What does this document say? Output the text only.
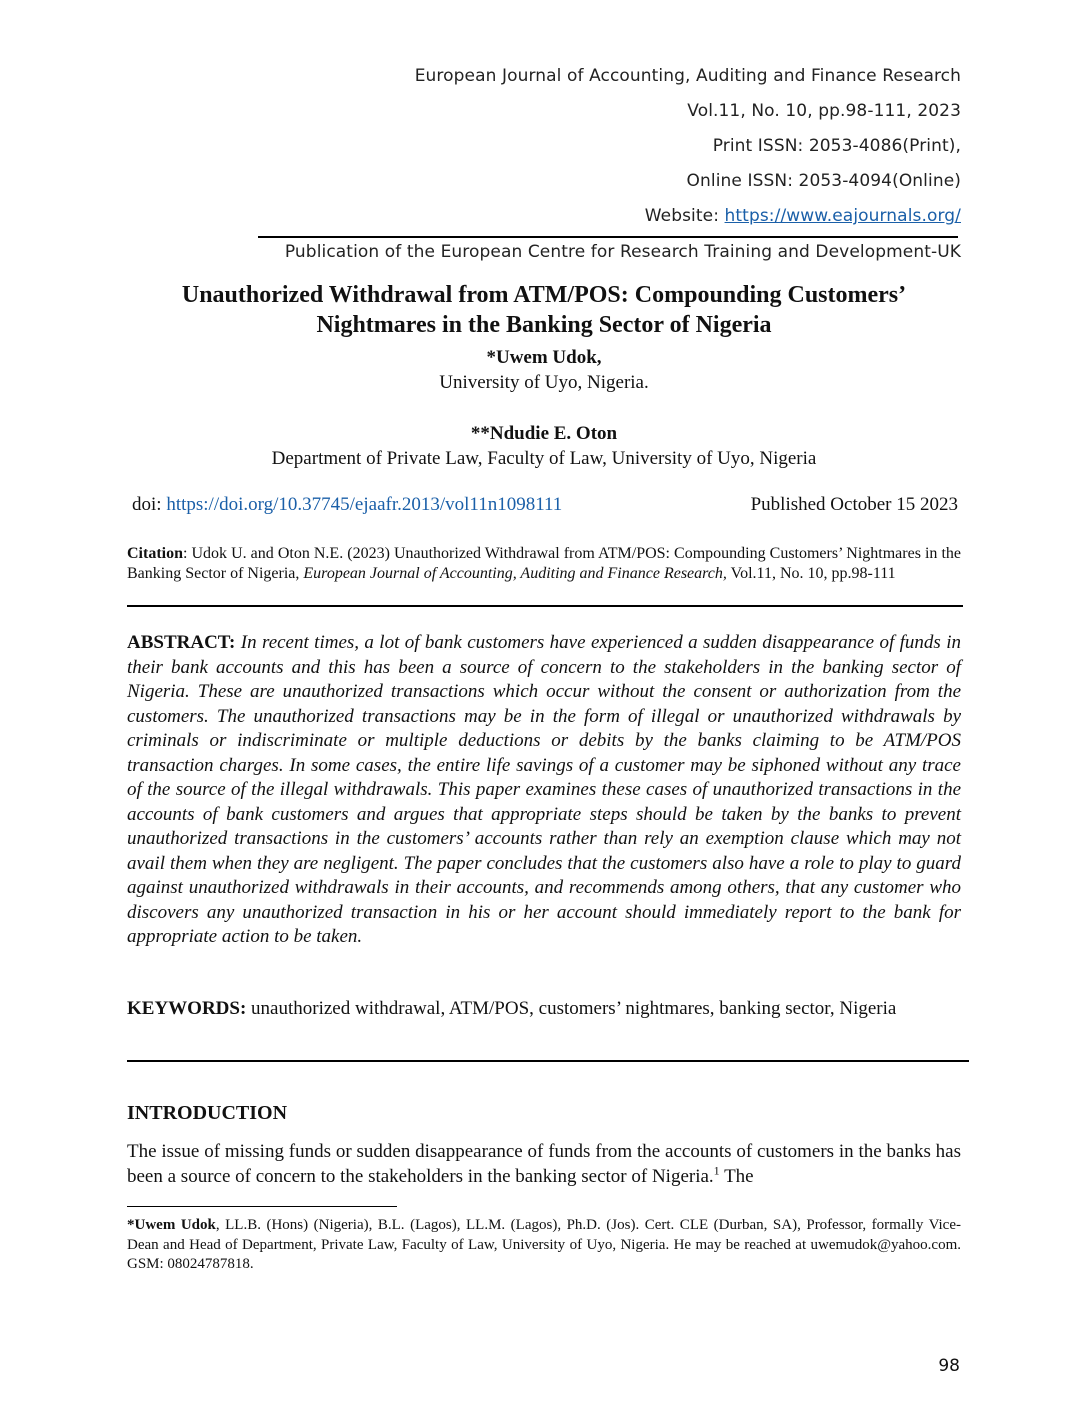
European Journal of Accounting, Auditing and Finance Research
Vol.11, No. 10, pp.98-111, 2023
Print ISSN: 2053-4086(Print),
Online ISSN: 2053-4094(Online)
Website: https://www.eajournals.org/
Publication of the European Centre for Research Training and Development-UK
Unauthorized Withdrawal from ATM/POS: Compounding Customers’
Nightmares in the Banking Sector of Nigeria
*Uwem Udok,
University of Uyo, Nigeria.
**Ndudie E. Oton
Department of Private Law, Faculty of Law, University of Uyo, Nigeria
doi: https://doi.org/10.37745/ejaafr.2013/vol11n1098111	Published October 15 2023
Citation: Udok U. and Oton N.E. (2023) Unauthorized Withdrawal from ATM/POS: Compounding Customers’ Nightmares in the Banking Sector of Nigeria, European Journal of Accounting, Auditing and Finance Research, Vol.11, No. 10, pp.98-111
ABSTRACT: In recent times, a lot of bank customers have experienced a sudden disappearance of funds in their bank accounts and this has been a source of concern to the stakeholders in the banking sector of Nigeria. These are unauthorized transactions which occur without the consent or authorization from the customers. The unauthorized transactions may be in the form of illegal or unauthorized withdrawals by criminals or indiscriminate or multiple deductions or debits by the banks claiming to be ATM/POS transaction charges. In some cases, the entire life savings of a customer may be siphoned without any trace of the source of the illegal withdrawals. This paper examines these cases of unauthorized transactions in the accounts of bank customers and argues that appropriate steps should be taken by the banks to prevent unauthorized transactions in the customers’ accounts rather than rely an exemption clause which may not avail them when they are negligent. The paper concludes that the customers also have a role to play to guard against unauthorized withdrawals in their accounts, and recommends among others, that any customer who discovers any unauthorized transaction in his or her account should immediately report to the bank for appropriate action to be taken.
KEYWORDS: unauthorized withdrawal, ATM/POS, customers’ nightmares, banking sector, Nigeria
INTRODUCTION
The issue of missing funds or sudden disappearance of funds from the accounts of customers in the banks has been a source of concern to the stakeholders in the banking sector of Nigeria.$^1$ The
*Uwem Udok, LL.B. (Hons) (Nigeria), B.L. (Lagos), LL.M. (Lagos), Ph.D. (Jos). Cert. CLE (Durban, SA), Professor, formally Vice-Dean and Head of Department, Private Law, Faculty of Law, University of Uyo, Nigeria. He may be reached at uwemudok@yahoo.com. GSM: 08024787818.
98
